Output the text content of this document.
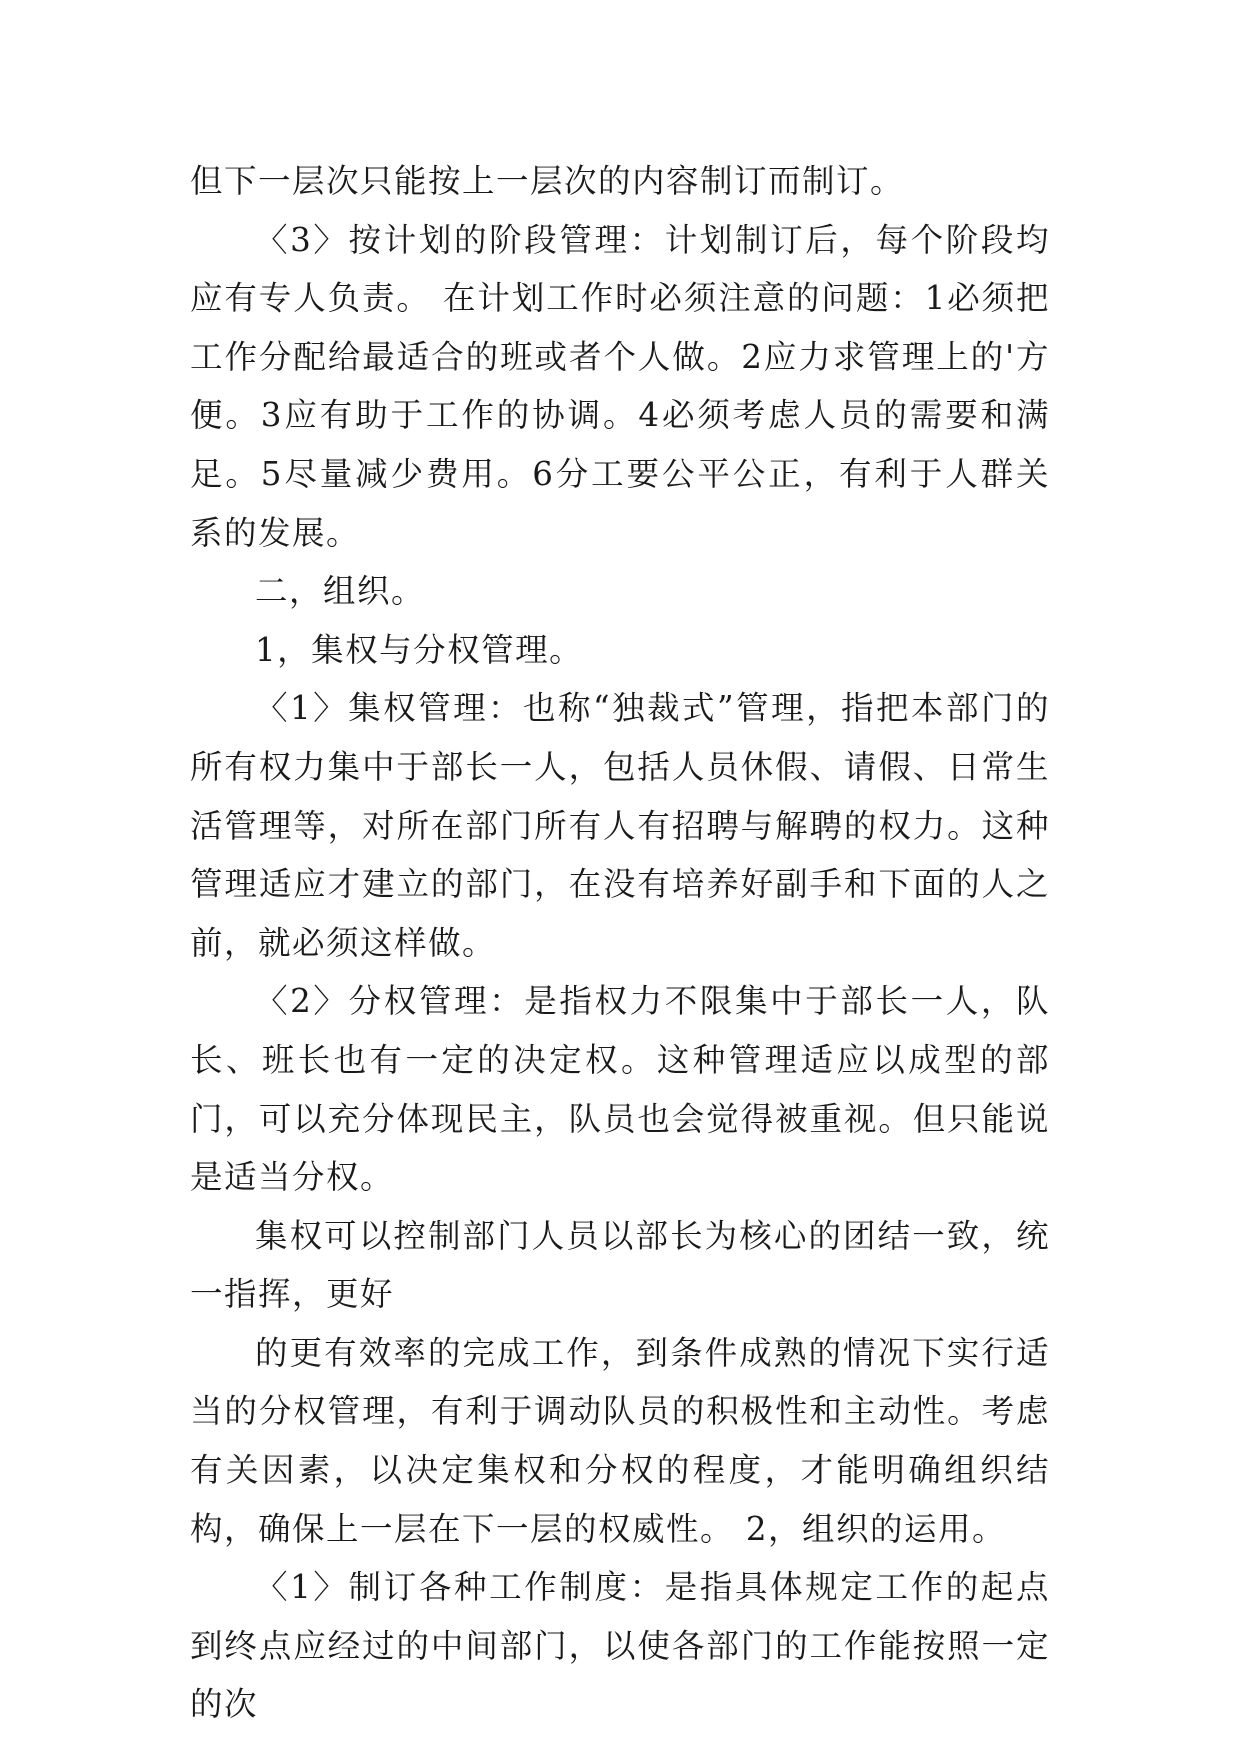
但下一层次只能按上一层次的内容制订而制订。

〈3〉按计划的阶段管理：计划制订后，每个阶段均应有专人负责。 在计划工作时必须注意的问题：1必须把工作分配给最适合的班或者个人做。2应力求管理上的'方便。3应有助于工作的协调。4必须考虑人员的需要和满足。5尽量减少费用。6分工要公平公正，有利于人群关系的发展。

二，组织。

1，集权与分权管理。

〈1〉集权管理：也称“独裁式”管理，指把本部门的所有权力集中于部长一人，包括人员休假、请假、日常生活管理等，对所在部门所有人有招聘与解聘的权力。这种管理适应才建立的部门，在没有培养好副手和下面的人之前，就必须这样做。

〈2〉分权管理：是指权力不限集中于部长一人，队长、班长也有一定的决定权。这种管理适应以成型的部门，可以充分体现民主，队员也会觉得被重视。但只能说是适当分权。

集权可以控制部门人员以部长为核心的团结一致，统一指挥，更好

的更有效率的完成工作，到条件成熟的情况下实行适当的分权管理，有利于调动队员的积极性和主动性。考虑有关因素，以决定集权和分权的程度，才能明确组织结构，确保上一层在下一层的权威性。 2，组织的运用。

〈1〉制订各种工作制度：是指具体规定工作的起点到终点应经过的中间部门，以使各部门的工作能按照一定的次
